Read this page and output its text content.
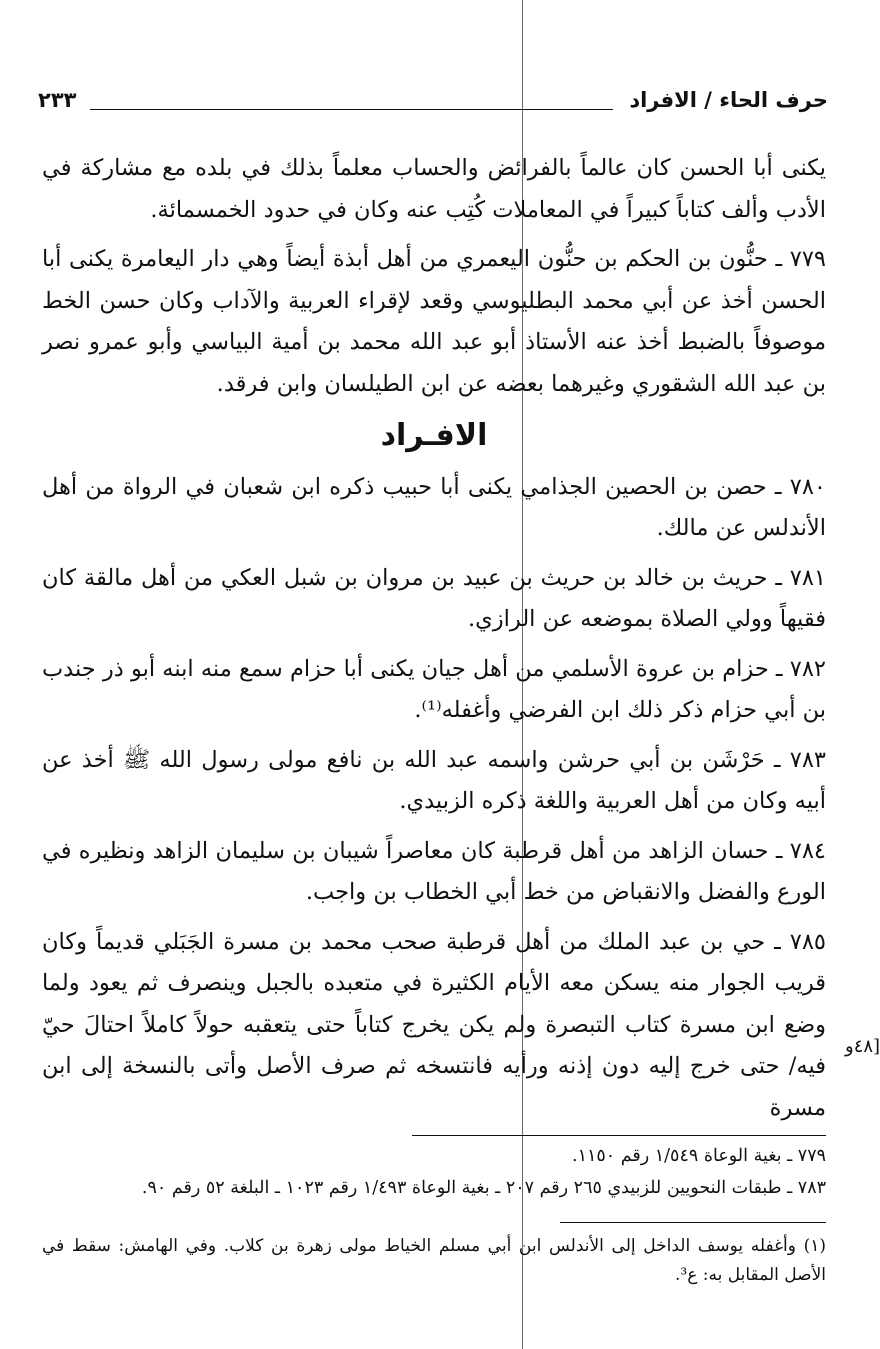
حرف الحاء / الافراد
٢٣٣

يكنى أبا الحسن كان عالماً بالفرائض والحساب معلماً بذلك في بلده مع مشاركة في الأدب وألف كتاباً كبيراً في المعاملات كُتِب عنه وكان في حدود الخمسمائة.

٧٧٩ ـ حنُّون بن الحكم بن حنُّون اليعمري من أهل أبذة أيضاً وهي دار اليعامرة يكنى أبا الحسن أخذ عن أبي محمد البطليوسي وقعد لإقراء العربية والآداب وكان حسن الخط موصوفاً بالضبط أخذ عنه الأستاذ أبو عبد الله محمد بن أمية البياسي وأبو عمرو نصر بن عبد الله الشقوري وغيرهما بعضه عن ابن الطيلسان وابن فرقد.

الافـراد

٧٨٠ ـ حصن بن الحصين الجذامي يكنى أبا حبيب ذكره ابن شعبان في الرواة من أهل الأندلس عن مالك.

٧٨١ ـ حريث بن خالد بن حريث بن عبيد بن مروان بن شبل العكي من أهل مالقة كان فقيهاً وولي الصلاة بموضعه عن الرازي.

٧٨٢ ـ حزام بن عروة الأسلمي من أهل جيان يكنى أبا حزام سمع منه ابنه أبو ذر جندب بن أبي حزام ذكر ذلك ابن الفرضي وأغفله⁽¹⁾.

٧٨٣ ـ حَرْشَن بن أبي حرشن واسمه عبد الله بن نافع مولى رسول الله ﷺ أخذ عن أبيه وكان من أهل العربية واللغة ذكره الزبيدي.

٧٨٤ ـ حسان الزاهد من أهل قرطبة كان معاصراً شيبان بن سليمان الزاهد ونظيره في الورع والفضل والانقباض من خط أبي الخطاب بن واجب.

٧٨٥ ـ حي بن عبد الملك من أهل قرطبة صحب محمد بن مسرة الجَبَلي قديماً وكان قريب الجوار منه يسكن معه الأيام الكثيرة في متعبده بالجبل وينصرف ثم يعود ولما وضع ابن مسرة كتاب التبصرة ولم يكن يخرج كتاباً حتى يتعقبه حولاً كاملاً احتالَ حيّ فيه/ حتى خرج إليه دون إذنه ورأيه فانتسخه ثم صرف الأصل وأتى بالنسخة إلى ابن مسرة

[٤٨و

٧٧٩ ـ بغية الوعاة ١/٥٤٩ رقم ١١٥٠.

٧٨٣ ـ طبقات النحويين للزبيدي ٢٦٥ رقم ٢٠٧ ـ بغية الوعاة ١/٤٩٣ رقم ١٠٢٣ ـ البلغة ٥٢ رقم ٩٠.

(١) وأغفله يوسف الداخل إلى الأندلس ابن أبي مسلم الخياط مولى زهرة بن كلاب. وفي الهامش: سقط في الأصل المقابل به: ع³.
